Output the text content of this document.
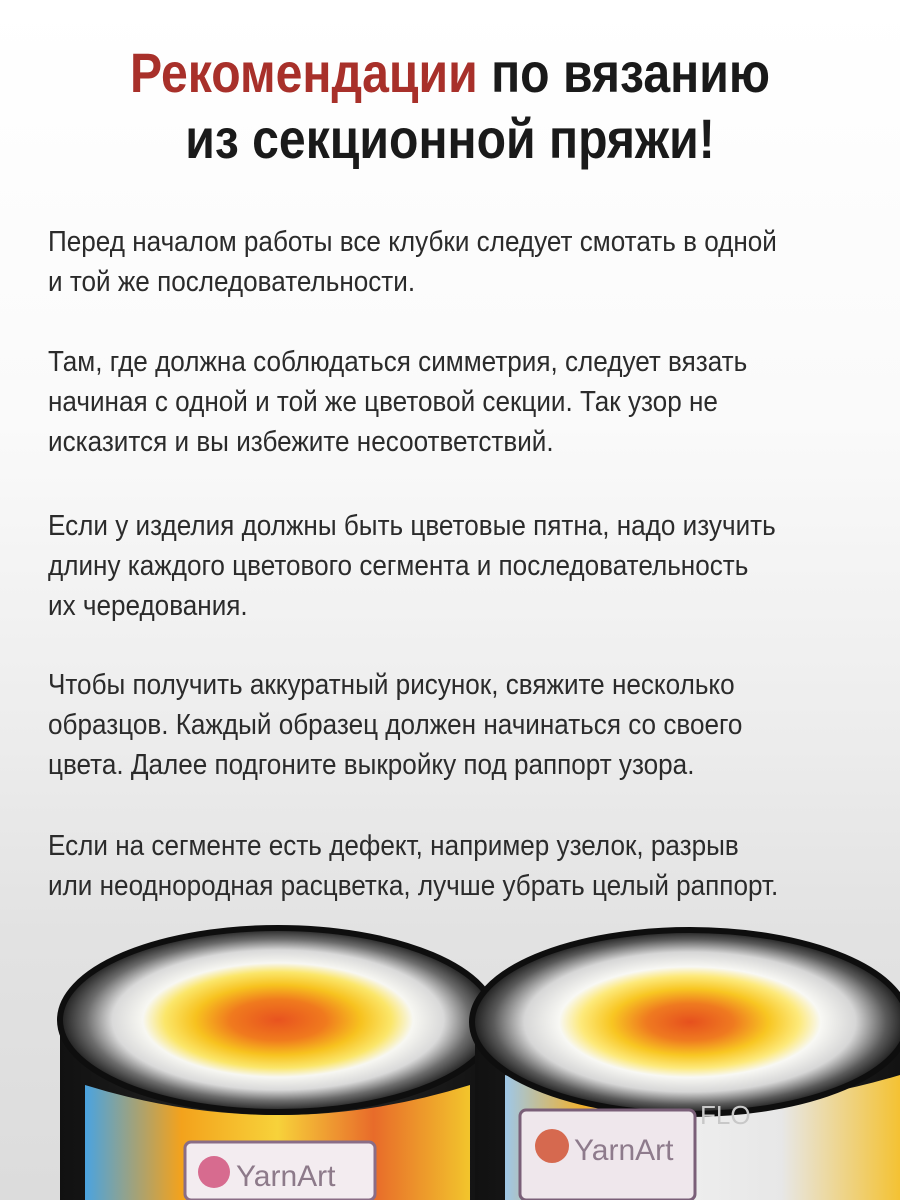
Рекомендации по вязанию
из секционной пряжи!

Перед началом работы все клубки следует смотать в одной
и той же последовательности.

Там, где должна соблюдаться симметрия, следует вязать
начиная с одной и той же цветовой секции. Так узор не
исказится и вы избежите несоответствий.

Если у изделия должны быть цветовые пятна, надо изучить
длину каждого цветового сегмента и последовательность
их чередования.

Чтобы получить аккуратный рисунок, свяжите несколько
образцов. Каждый образец должен начинаться со своего
цвета. Далее подгоните выкройку под раппорт узора.

Если на сегменте есть дефект, например узелок, разрыв
или неоднородная расцветка, лучше убрать целый раппорт.

YarnArt
YarnArt
FLO
